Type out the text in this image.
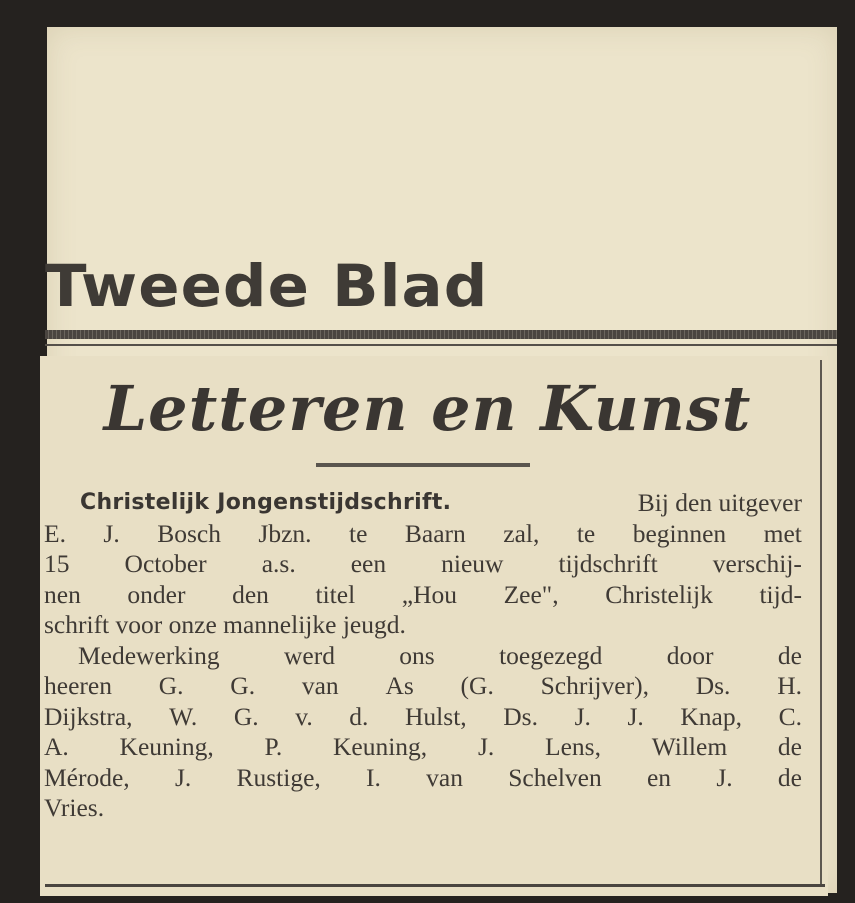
Tweede Blad
Letteren en Kunst
Christelijk Jongenstijdschrift.	Bij den uitgever
E. J. Bosch Jbzn. te Baarn zal, te beginnen met
15 October a.s. een nieuw tijdschrift verschij-
nen onder den titel „Hou Zee", Christelijk tijd-
schrift voor onze mannelijke jeugd.
Medewerking	werd	ons	toegezegd	door	de
heeren G. G. van As (G. Schrijver), Ds. H.
Dijkstra, W. G. v. d. Hulst, Ds. J. J. Knap, C.
A. Keuning, P. Keuning, J. Lens, Willem de
Mérode, J. Rustige, I. van Schelven en J. de
Vries.
